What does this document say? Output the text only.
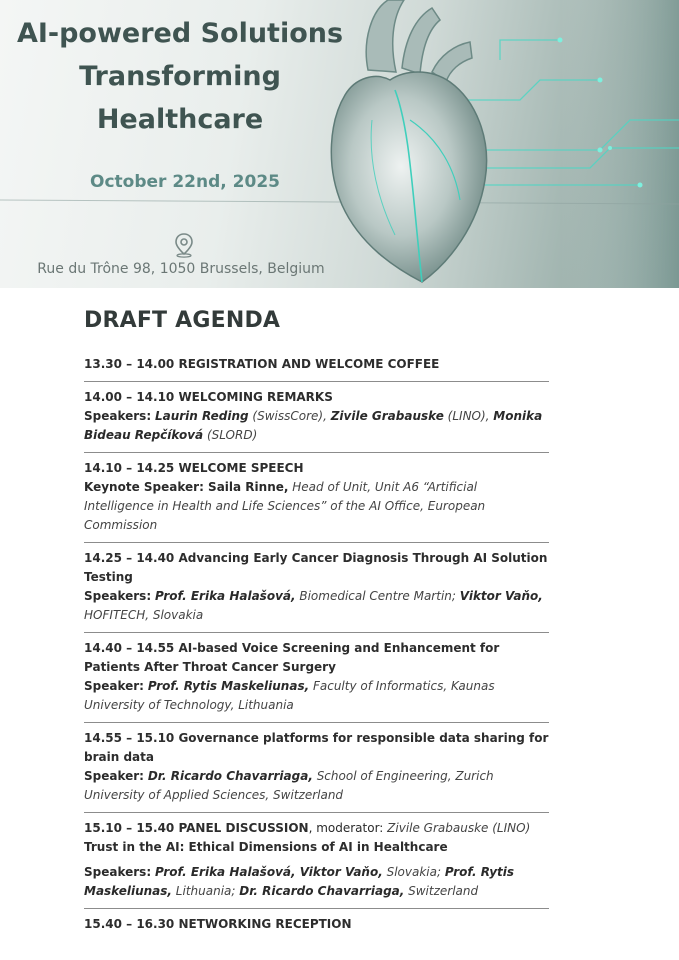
AI-powered Solutions
Transforming
Healthcare
October 22nd, 2025
Rue du Trône 98, 1050 Brussels, Belgium
DRAFT AGENDA
13.30 – 14.00 REGISTRATION AND WELCOME COFFEE
14.00 – 14.10 WELCOMING REMARKS
Speakers: Laurin Reding (SwissCore), Zivile Grabauske (LINO), Monika Bideau Repčíková (SLORD)
14.10 – 14.25 WELCOME SPEECH
Keynote Speaker: Saila Rinne, Head of Unit, Unit A6 “Artificial Intelligence in Health and Life Sciences” of the AI Office, European Commission
14.25 – 14.40 Advancing Early Cancer Diagnosis Through AI Solution Testing
Speakers: Prof. Erika Halašová, Biomedical Centre Martin; Viktor Vaňo, HOFITECH, Slovakia
14.40 – 14.55 AI-based Voice Screening and Enhancement for Patients After Throat Cancer Surgery
Speaker: Prof. Rytis Maskeliunas, Faculty of Informatics, Kaunas University of Technology, Lithuania
14.55 – 15.10 Governance platforms for responsible data sharing for brain data
Speaker: Dr. Ricardo Chavarriaga, School of Engineering, Zurich University of Applied Sciences, Switzerland
15.10 – 15.40 PANEL DISCUSSION, moderator: Zivile Grabauske (LINO)
Trust in the AI: Ethical Dimensions of AI in Healthcare
Speakers: Prof. Erika Halašová, Viktor Vaňo, Slovakia; Prof. Rytis Maskeliunas, Lithuania; Dr. Ricardo Chavarriaga, Switzerland
15.40 – 16.30 NETWORKING RECEPTION
